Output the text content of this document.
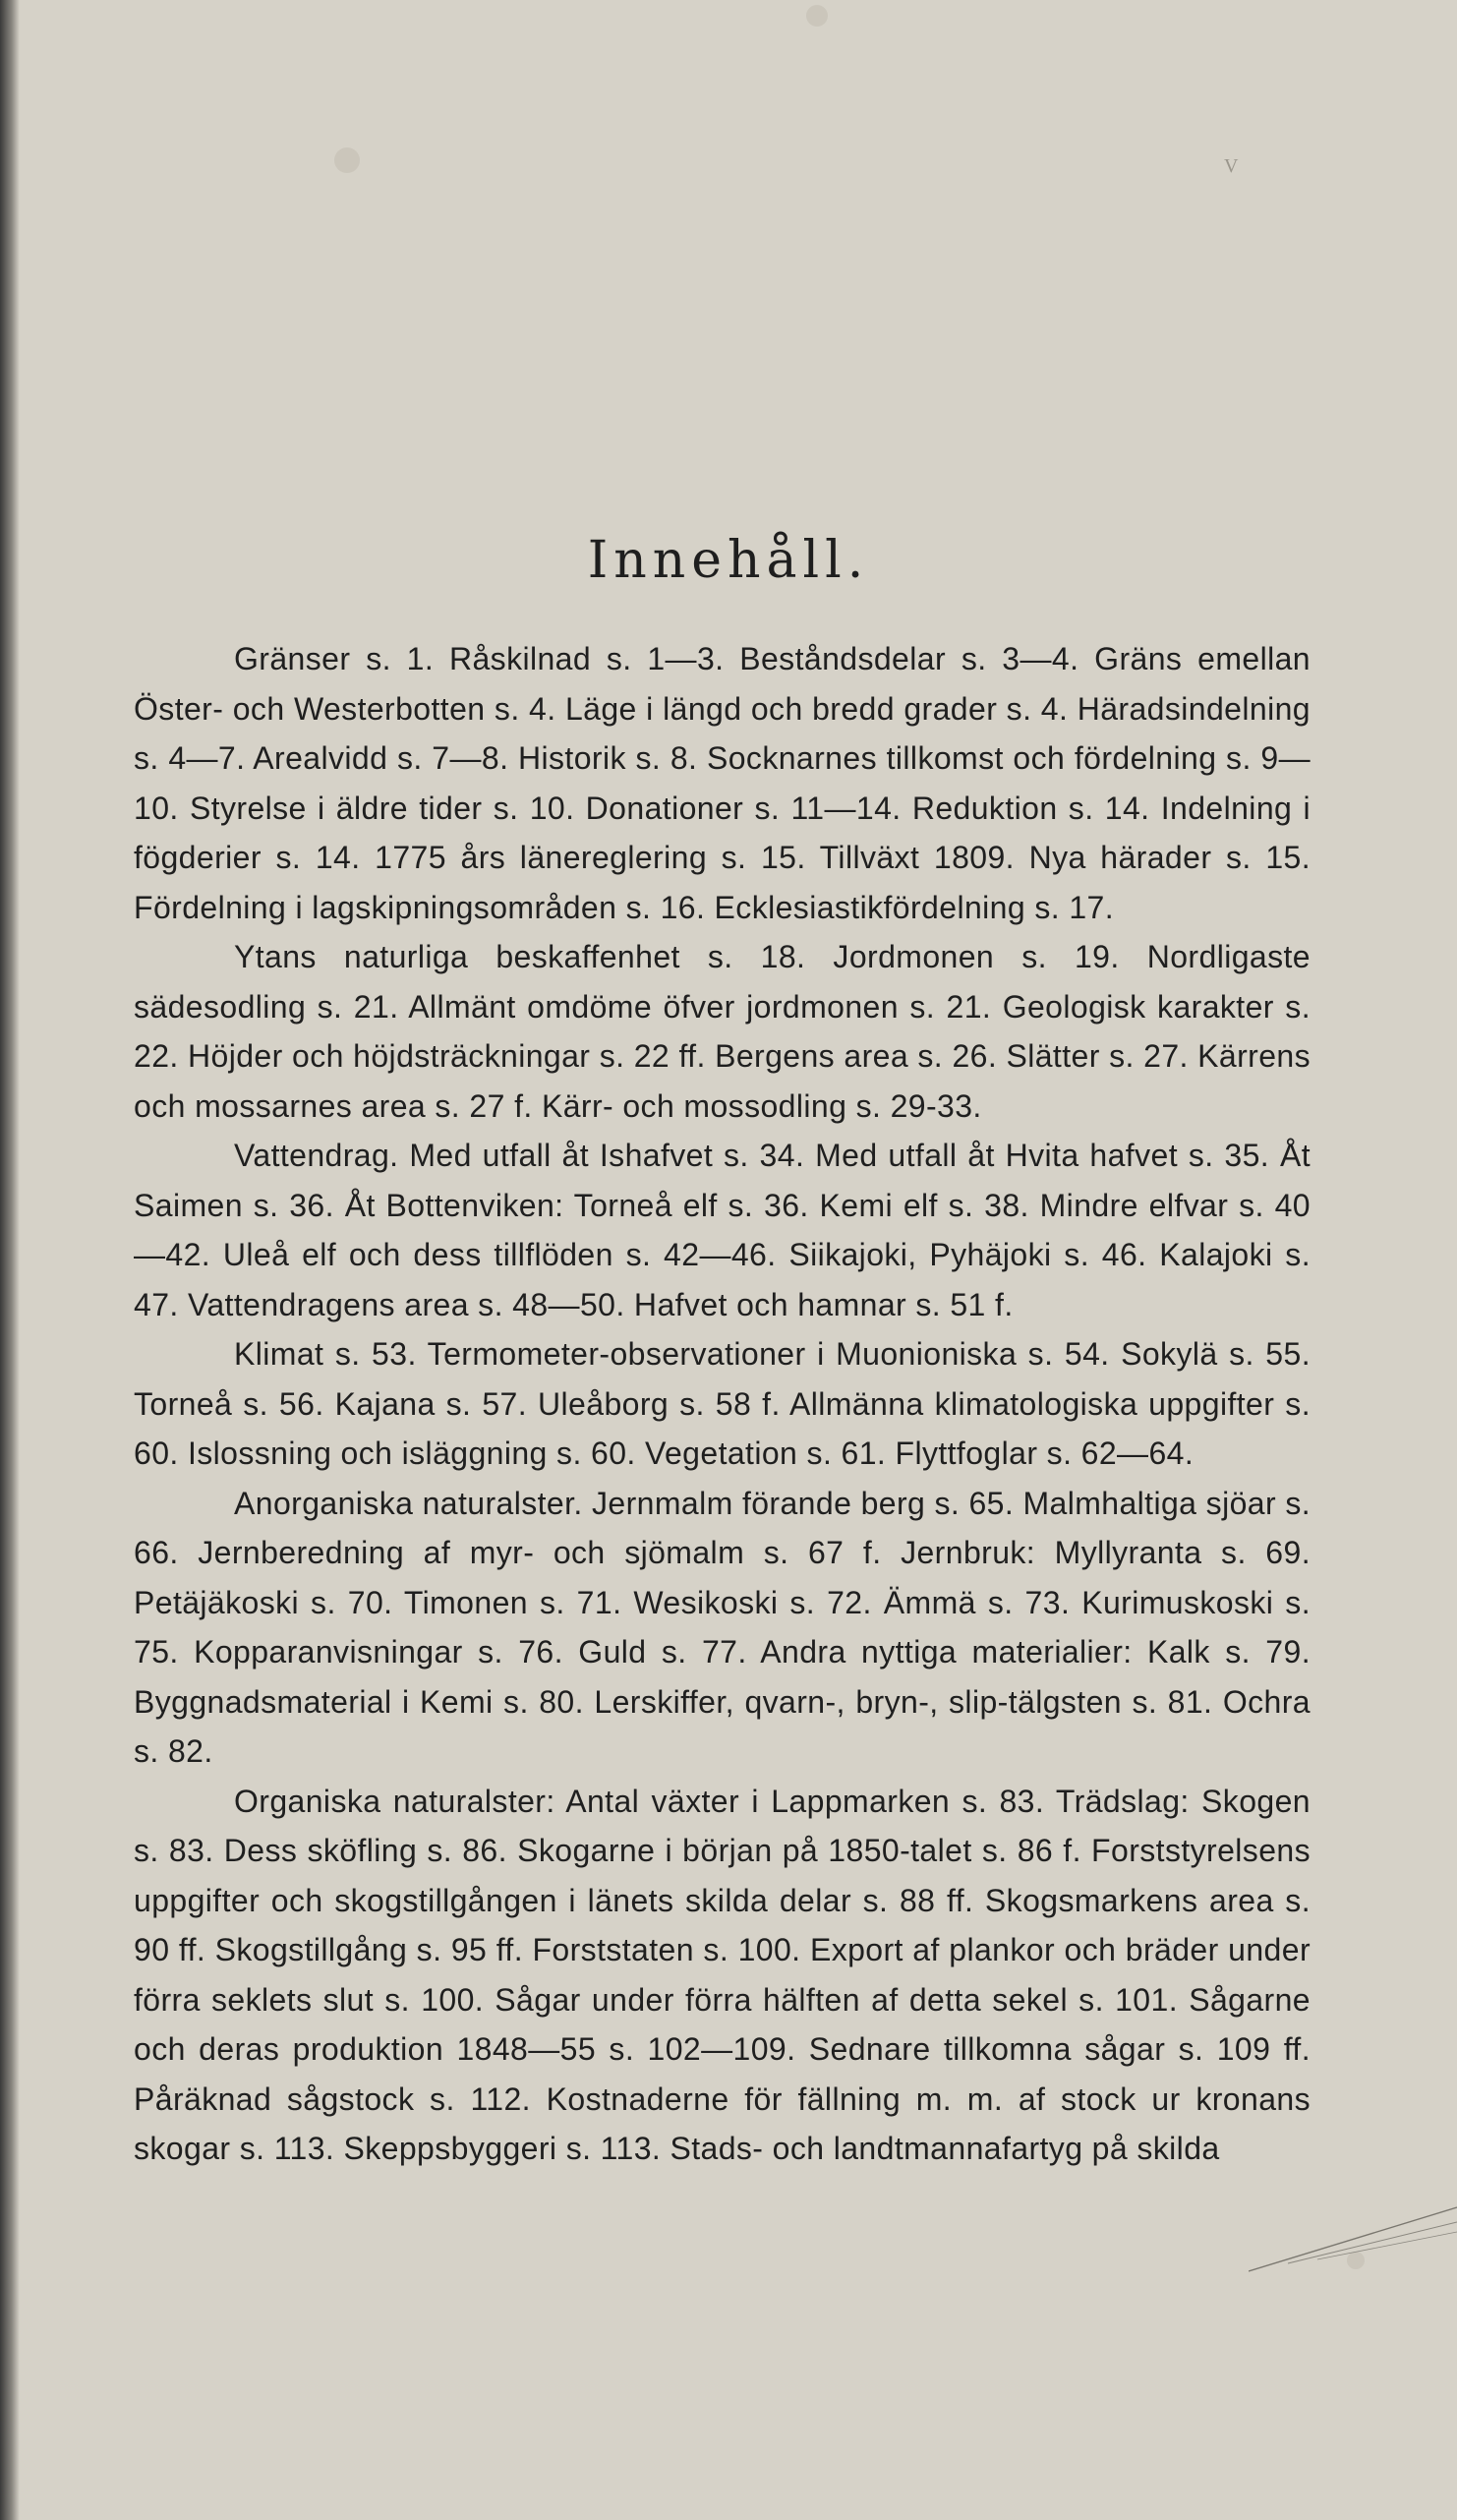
V
Innehåll.

Gränser s. 1. Råskilnad s. 1—3. Beståndsdelar s. 3—4. Gräns emellan Öster- och Westerbotten s. 4. Läge i längd och bredd grader s. 4. Häradsindelning s. 4—7. Arealvidd s. 7—8. Historik s. 8. Socknarnes tillkomst och fördelning s. 9—10. Styrelse i äldre tider s. 10. Donationer s. 11—14. Reduktion s. 14. Indelning i fögderier s. 14. 1775 års länereglering s. 15. Tillväxt 1809. Nya härader s. 15. Fördelning i lagskipningsområden s. 16. Ecklesiastikfördelning s. 17.

Ytans naturliga beskaffenhet s. 18. Jordmonen s. 19. Nordligaste sädesodling s. 21. Allmänt omdöme öfver jordmonen s. 21. Geologisk karakter s. 22. Höjder och höjdsträckningar s. 22 ff. Bergens area s. 26. Slätter s. 27. Kärrens och mossarnes area s. 27 f. Kärr- och mossodling s. 29-33.

Vattendrag. Med utfall åt Ishafvet s. 34. Med utfall åt Hvita hafvet s. 35. Åt Saimen s. 36. Åt Bottenviken: Torneå elf s. 36. Kemi elf s. 38. Mindre elfvar s. 40—42. Uleå elf och dess tillflöden s. 42—46. Siikajoki, Pyhäjoki s. 46. Kalajoki s. 47. Vattendragens area s. 48—50. Hafvet och hamnar s. 51 f.

Klimat s. 53. Termometer-observationer i Muonioniska s. 54. Sokylä s. 55. Torneå s. 56. Kajana s. 57. Uleåborg s. 58 f. Allmänna klimatologiska uppgifter s. 60. Islossning och isläggning s. 60. Vegetation s. 61. Flyttfoglar s. 62—64.

Anorganiska naturalster. Jernmalm förande berg s. 65. Malmhaltiga sjöar s. 66. Jernberedning af myr- och sjömalm s. 67 f. Jernbruk: Myllyranta s. 69. Petäjäkoski s. 70. Timonen s. 71. Wesikoski s. 72. Ämmä s. 73. Kurimuskoski s. 75. Kopparanvisningar s. 76. Guld s. 77. Andra nyttiga materialier: Kalk s. 79. Byggnadsmaterial i Kemi s. 80. Lerskiffer, qvarn-, bryn-, slip-tälgsten s. 81. Ochra s. 82.

Organiska naturalster: Antal växter i Lappmarken s. 83. Trädslag: Skogen s. 83. Dess sköfling s. 86. Skogarne i början på 1850-talet s. 86 f. Forststyrelsens uppgifter och skogstillgången i länets skilda delar s. 88 ff. Skogsmarkens area s. 90 ff. Skogstillgång s. 95 ff. Forststaten s. 100. Export af plankor och bräder under förra seklets slut s. 100. Sågar under förra hälften af detta sekel s. 101. Sågarne och deras produktion 1848—55 s. 102—109. Sednare tillkomna sågar s. 109 ff. Påräknad sågstock s. 112. Kostnaderne för fällning m. m. af stock ur kronans skogar s. 113. Skeppsbyggeri s. 113. Stads- och landtmannafartyg på skilda
